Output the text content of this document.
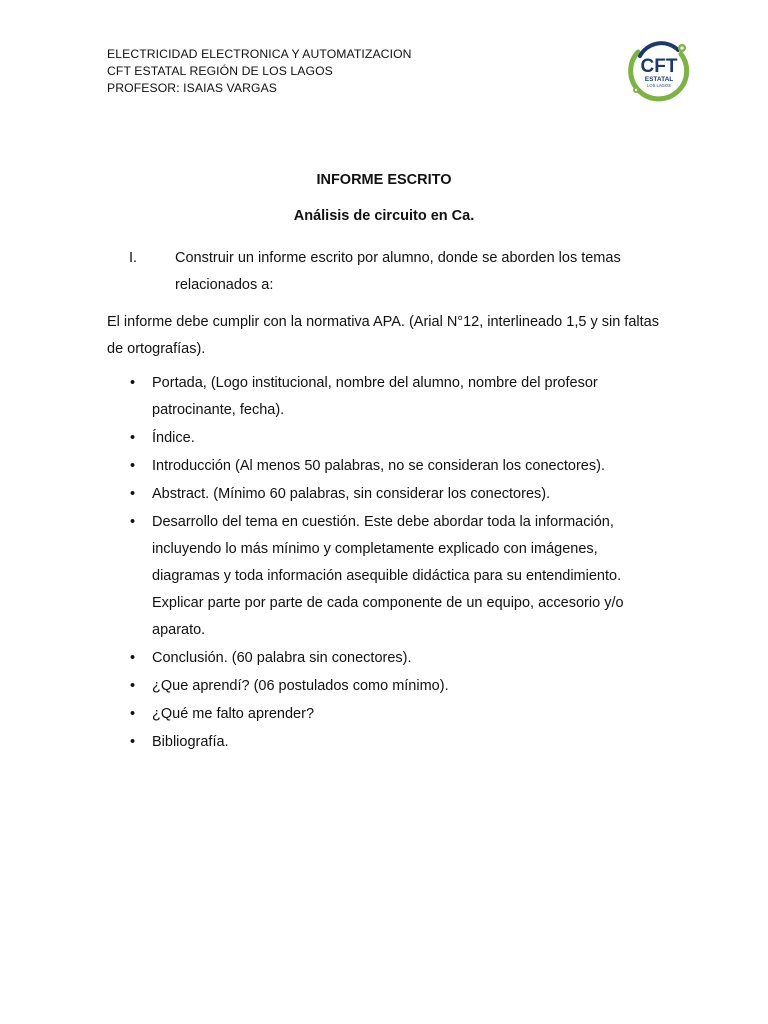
ELECTRICIDAD ELECTRONICA Y AUTOMATIZACION
CFT ESTATAL REGIÓN DE LOS LAGOS
PROFESOR: ISAIAS VARGAS
CFT
ESTATAL
LOS LAGOS
INFORME ESCRITO
Análisis de circuito en Ca.
I.	Construir un informe escrito por alumno, donde se aborden los temas relacionados a:
El informe debe cumplir con la normativa APA. (Arial N°12, interlineado 1,5 y sin faltas de ortografías).
• Portada, (Logo institucional, nombre del alumno, nombre del profesor patrocinante, fecha).
• Índice.
• Introducción (Al menos 50 palabras, no se consideran los conectores).
• Abstract. (Mínimo 60 palabras, sin considerar los conectores).
• Desarrollo del tema en cuestión. Este debe abordar toda la información, incluyendo lo más mínimo y completamente explicado con imágenes, diagramas y toda información asequible didáctica para su entendimiento. Explicar parte por parte de cada componente de un equipo, accesorio y/o aparato.
• Conclusión. (60 palabra sin conectores).
• ¿Que aprendí? (06 postulados como mínimo).
• ¿Qué me falto aprender?
• Bibliografía.
